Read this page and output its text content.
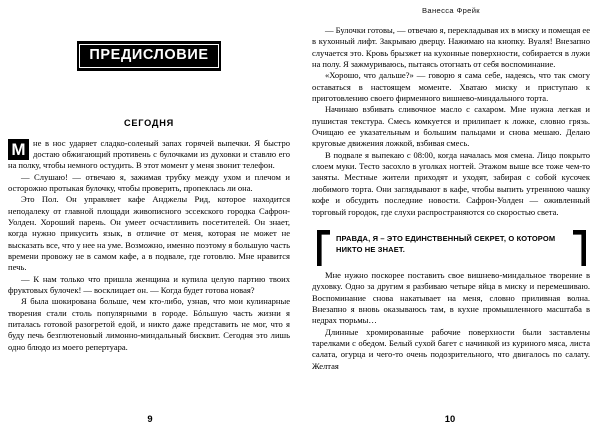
ПРЕДИСЛОВИЕ
СЕГОДНЯ

М не в нос ударяет сладко-соленый запах горячей выпечки. Я быстро достаю обжигающий противень с булочками из духовки и ставлю его на полку, чтобы немного остудить. В этот момент у меня звонит телефон.

— Слушаю! — отвечаю я, зажимая трубку между ухом и плечом и осторожно протыкая булочку, чтобы проверить, пропеклась ли она.

Это Пол. Он управляет кафе Анджелы Рид, которое находится неподалеку от главной площади живописного эссекского городка Сафрон-Уолден. Хороший парень. Он умеет осчастливить посетителей. Он знает, когда нужно прикусить язык, в отличие от меня, которая не может не высказать все, что у нее на уме. Возможно, именно поэтому я большую часть времени провожу не в самом кафе, а в подвале, где готовлю. Мне нравится печь.

— К нам только что пришла женщина и купила целую партию твоих фруктовых булочек! — восклицает он. — Когда будет готова новая?

Я была шокирована больше, чем кто-либо, узнав, что мои кулинарные творения стали столь популярными в городе. Бóльшую часть жизни я питалась готовой разогретой едой, и никто даже представить не мог, что я буду печь безглютеновый лимонно-миндальный бисквит. Сегодня это лишь одно блюдо из моего репертуара.

9
Ванесса Фрейк

— Булочки готовы, — отвечаю я, перекладывая их в миску и помещая ее в кухонный лифт. Закрываю дверцу. Нажимаю на кнопку. Вуаля! Внезапно случается это. Кровь брызжет на кухонные поверхности, собирается в лужи на полу. Я зажмуриваюсь, пытаясь отогнать от себя воспоминание.

«Хорошо, что дальше?» — говорю я сама себе, надеясь, что так смогу оставаться в настоящем моменте. Хватаю миску и приступаю к приготовлению своего фирменного вишнево-миндального торта.

Начинаю взбивать сливочное масло с сахаром. Мне нужна легкая и пушистая текстура. Смесь комкуется и прилипает к ложке, словно грязь. Очищаю ее указательным и большим пальцами и снова мешаю. Делаю круговые движения ложкой, взбивая смесь.

В подвале я выпекаю с 08:00, когда началась моя смена. Лицо покрыто слоем муки. Тесто засохло в уголках ногтей. Этажом выше все тоже чем-то заняты. Местные жители приходят и уходят, забирая с собой кусочек любимого торта. Они заглядывают в кафе, чтобы выпить утреннюю чашку кофе и обсудить последние новости. Сафрон-Уолден — оживленный торговый городок, где слухи распространяются со скоростью света.

ПРАВДА, Я – ЭТО ЕДИНСТВЕННЫЙ СЕКРЕТ, О КОТОРОМ НИКТО НЕ ЗНАЕТ.

Мне нужно поскорее поставить свое вишнево-миндальное творение в духовку. Одно за другим я разбиваю четыре яйца в миску и перемешиваю. Воспоминание снова накатывает на меня, словно приливная волна. Внезапно я вновь оказываюсь там, в кухне промышленного масштаба в недрах тюрьмы…

Длинные хромированные рабочие поверхности были заставлены тарелками с обедом. Белый сухой багет с начинкой из куриного мяса, листа салата, огурца и чего-то очень подозрительного, что двигалось по салату. Желтая

10
